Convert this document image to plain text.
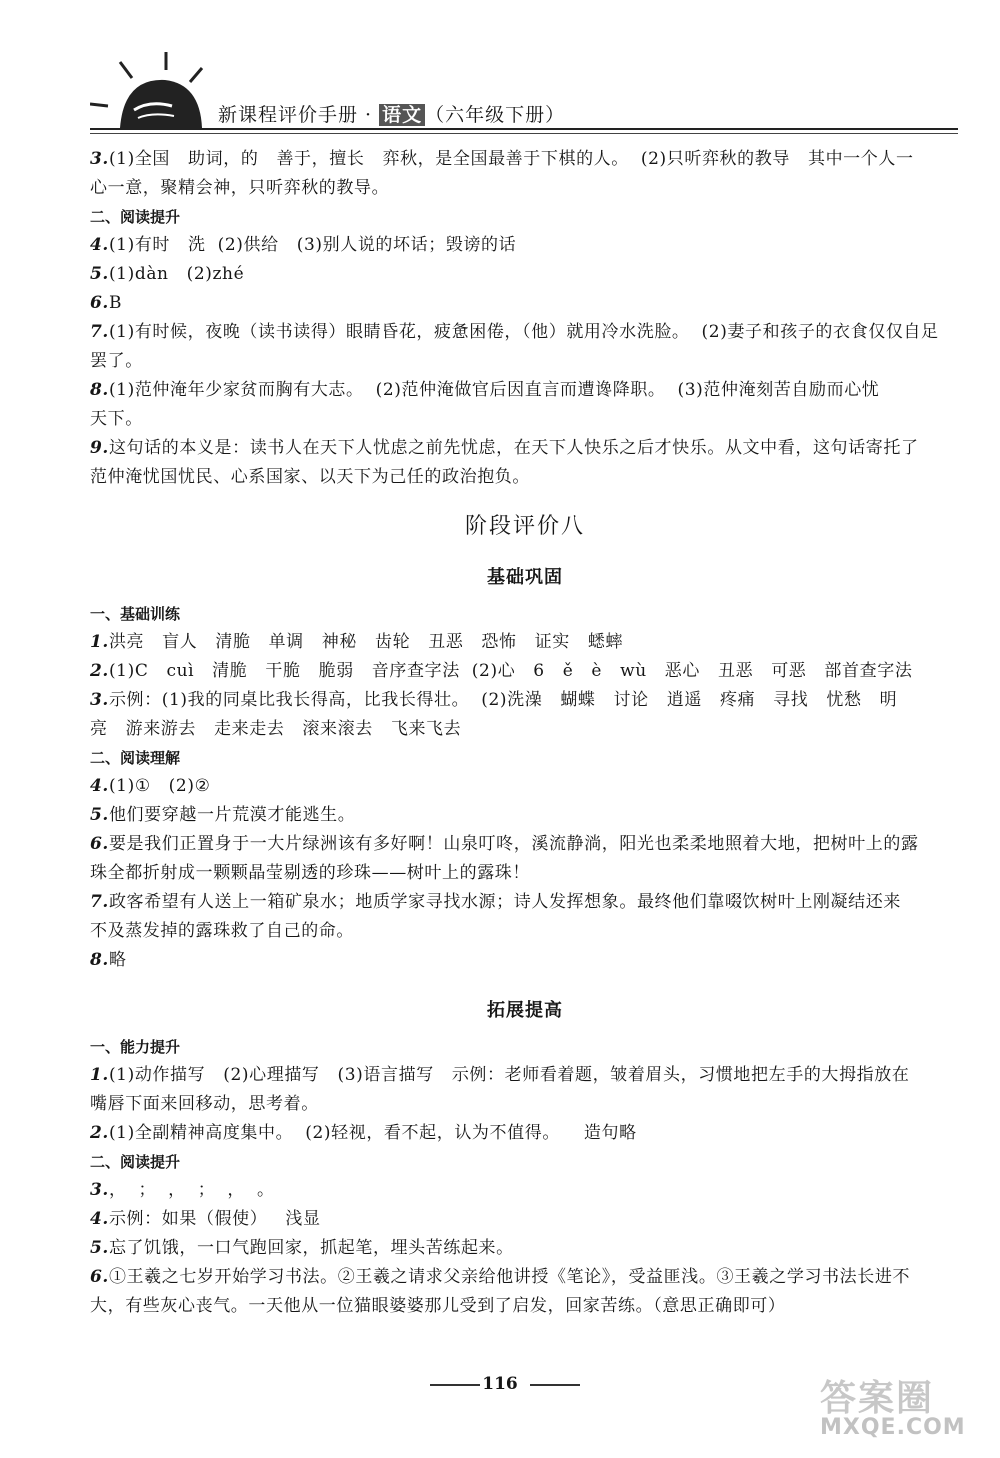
新课程评价手册 · 语文 （六年级下册）
3.(1)全国   助词，的   善于，擅长   弈秋，是全国最善于下棋的人。  (2)只听弈秋的教导   其中一个人一
心一意，聚精会神，只听弈秋的教导。
二、阅读提升
4.(1)有时   洗  (2)供给   (3)别人说的坏话；毁谤的话
5.(1)dàn   (2)zhé
6.B
7.(1)有时候，夜晚（读书读得）眼睛昏花，疲惫困倦，（他）就用冷水洗脸。  (2)妻子和孩子的衣食仅仅自足
罢了。
8.(1)范仲淹年少家贫而胸有大志。  (2)范仲淹做官后因直言而遭谗降职。  (3)范仲淹刻苦自励而心忧
天下。
9.这句话的本义是：读书人在天下人忧虑之前先忧虑，在天下人快乐之后才快乐。从文中看，这句话寄托了
范仲淹忧国忧民、心系国家、以天下为己任的政治抱负。
阶段评价八
基础巩固
一、基础训练
1.洪亮   盲人   清脆   单调   神秘   齿轮   丑恶   恐怖   证实   蟋蟀
2.(1)C   cuì   清脆   干脆   脆弱   音序查字法  (2)心   6   ě   è   wù   恶心   丑恶   可恶   部首查字法
3.示例：(1)我的同桌比我长得高，比我长得壮。  (2)洗澡   蝴蝶   讨论   逍遥   疼痛   寻找   忧愁   明
亮   游来游去   走来走去   滚来滚去   飞来飞去
二、阅读理解
4.(1)①   (2)②
5.他们要穿越一片荒漠才能逃生。
6.要是我们正置身于一大片绿洲该有多好啊！山泉叮咚，溪流静淌，阳光也柔柔地照着大地，把树叶上的露
珠全都折射成一颗颗晶莹剔透的珍珠——树叶上的露珠！
7.政客希望有人送上一箱矿泉水；地质学家寻找水源；诗人发挥想象。最终他们靠啜饮树叶上刚凝结还来
不及蒸发掉的露珠救了自己的命。
8.略
拓展提高
一、能力提升
1.(1)动作描写   (2)心理描写   (3)语言描写   示例：老师看着题，皱着眉头，习惯地把左手的大拇指放在
嘴唇下面来回移动，思考着。
2.(1)全副精神高度集中。  (2)轻视，看不起，认为不值得。    造句略
二、阅读提升
3.，  ；  ，  ；  ，  。
4.示例：如果（假使）   浅显
5.忘了饥饿，一口气跑回家，抓起笔，埋头苦练起来。
6.①王羲之七岁开始学习书法。②王羲之请求父亲给他讲授《笔论》，受益匪浅。③王羲之学习书法长进不
大，有些灰心丧气。一天他从一位猫眼婆婆那儿受到了启发，回家苦练。（意思正确即可）
116	答案圈
MXQE.COM
